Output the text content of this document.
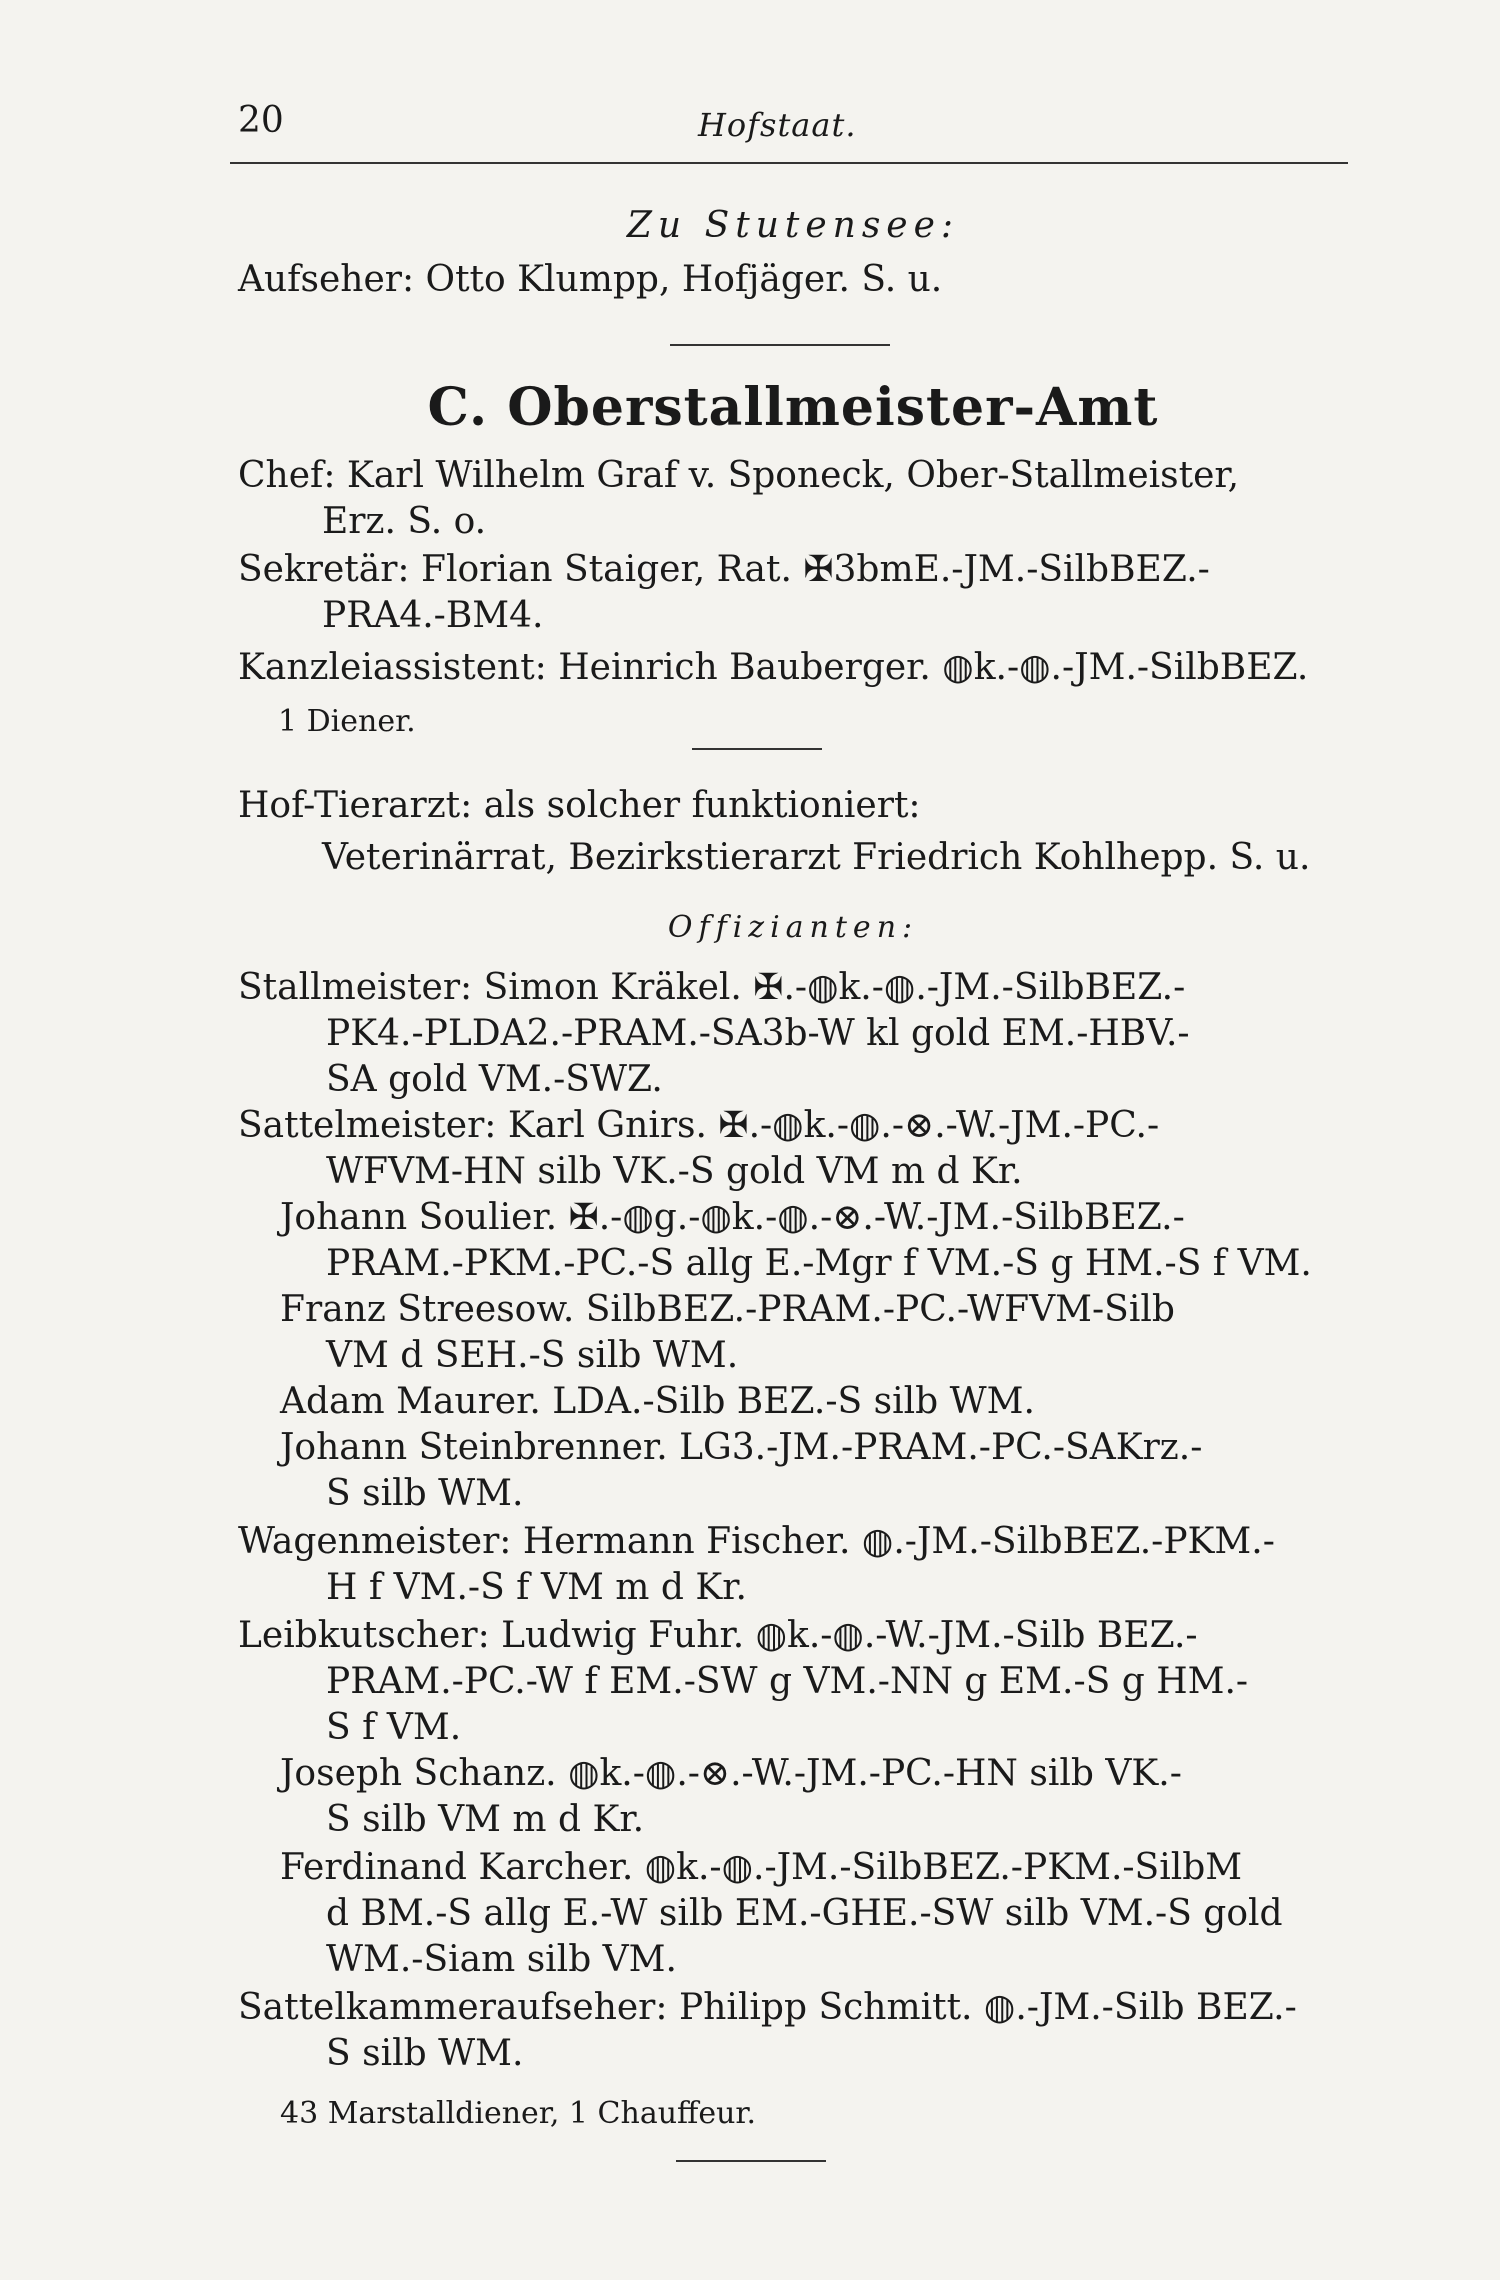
20	Hofstaat.
Zu Stutensee:
Aufseher: Otto Klumpp, Hofjäger. S. u.
C. Oberstallmeister-Amt
Chef: Karl Wilhelm Graf v. Sponeck, Ober-Stallmeister,
Erz. S. o.
Sekretär: Florian Staiger, Rat. ✠3bmE.-JM.-SilbBEZ.-
PRA4.-BM4.
Kanzleiassistent: Heinrich Bauberger. ◍k.-◍.-JM.-SilbBEZ.
1 Diener.
Hof-Tierarzt: als solcher funktioniert:
Veterinärrat, Bezirkstierarzt Friedrich Kohlhepp. S. u.
Offizianten:
Stallmeister: Simon Kräkel. ✠.-◍k.-◍.-JM.-SilbBEZ.-
PK4.-PLDA2.-PRAM.-SA3b-W kl gold EM.-HBV.-
SA gold VM.-SWZ.
Sattelmeister: Karl Gnirs. ✠.-◍k.-◍.-⊗.-W.-JM.-PC.-
WFVM-HN silb VK.-S gold VM m d Kr.
Johann Soulier. ✠.-◍g.-◍k.-◍.-⊗.-W.-JM.-SilbBEZ.-
PRAM.-PKM.-PC.-S allg E.-Mgr f VM.-S g HM.-S f VM.
Franz Streesow. SilbBEZ.-PRAM.-PC.-WFVM-Silb
VM d SEH.-S silb WM.
Adam Maurer. LDA.-Silb BEZ.-S silb WM.
Johann Steinbrenner. LG3.-JM.-PRAM.-PC.-SAKrz.-
S silb WM.
Wagenmeister: Hermann Fischer. ◍.-JM.-SilbBEZ.-PKM.-
H f VM.-S f VM m d Kr.
Leibkutscher: Ludwig Fuhr. ◍k.-◍.-W.-JM.-Silb BEZ.-
PRAM.-PC.-W f EM.-SW g VM.-NN g EM.-S g HM.-
S f VM.
Joseph Schanz. ◍k.-◍.-⊗.-W.-JM.-PC.-HN silb VK.-
S silb VM m d Kr.
Ferdinand Karcher. ◍k.-◍.-JM.-SilbBEZ.-PKM.-SilbM
d BM.-S allg E.-W silb EM.-GHE.-SW silb VM.-S gold
WM.-Siam silb VM.
Sattelkammeraufseher: Philipp Schmitt. ◍.-JM.-Silb BEZ.-
S silb WM.
43 Marstalldiener, 1 Chauffeur.
